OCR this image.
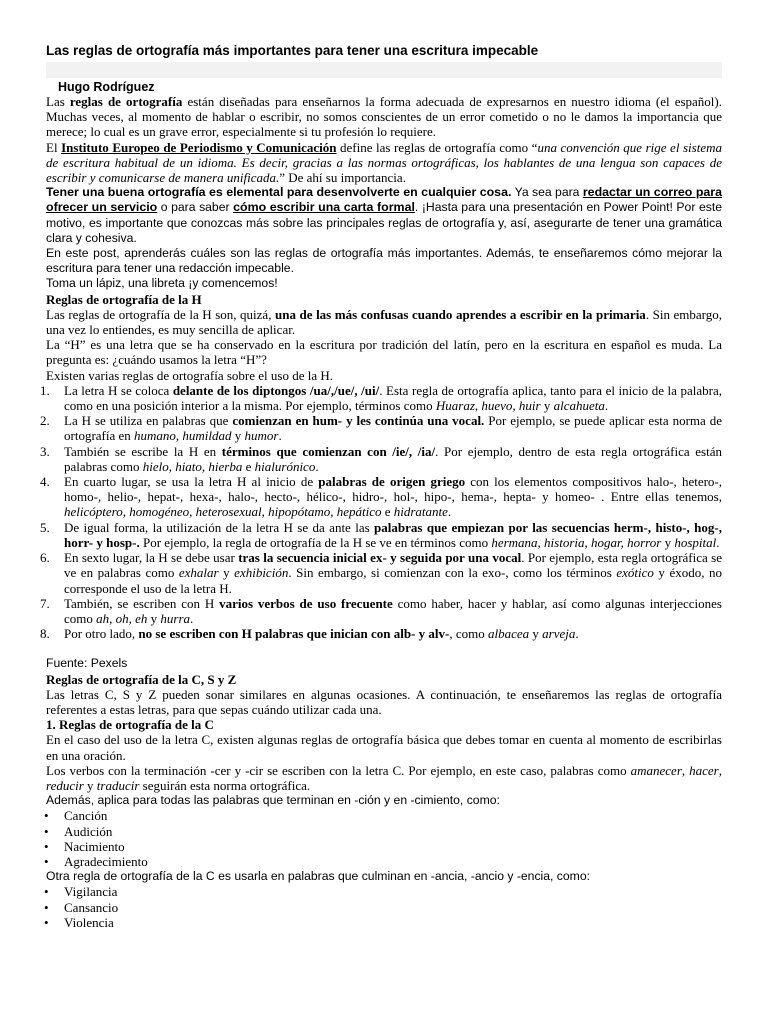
Las reglas de ortografía más importantes para tener una escritura impecable
Hugo Rodríguez

Las reglas de ortografía están diseñadas para enseñarnos la forma adecuada de expresarnos en nuestro idioma (el español). Muchas veces, al momento de hablar o escribir, no somos conscientes de un error cometido o no le damos la importancia que merece; lo cual es un grave error, especialmente si tu profesión lo requiere.

El Instituto Europeo de Periodismo y Comunicación define las reglas de ortografía como “una convención que rige el sistema de escritura habitual de un idioma. Es decir, gracias a las normas ortográficas, los hablantes de una lengua son capaces de escribir y comunicarse de manera unificada.” De ahí su importancia.

Tener una buena ortografía es elemental para desenvolverte en cualquier cosa. Ya sea para redactar un correo para ofrecer un servicio o para saber cómo escribir una carta formal. ¡Hasta para una presentación en Power Point! Por este motivo, es importante que conozcas más sobre las principales reglas de ortografía y, así, asegurarte de tener una gramática clara y cohesiva.

En este post, aprenderás cuáles son las reglas de ortografía más importantes. Además, te enseñaremos cómo mejorar la escritura para tener una redacción impecable.

Toma un lápiz, una libreta ¡y comencemos!

Reglas de ortografía de la H

Las reglas de ortografía de la H son, quizá, una de las más confusas cuando aprendes a escribir en la primaria. Sin embargo, una vez lo entiendes, es muy sencilla de aplicar.

La “H” es una letra que se ha conservado en la escritura por tradición del latín, pero en la escritura en español es muda. La pregunta es: ¿cuándo usamos la letra “H”?

Existen varias reglas de ortografía sobre el uso de la H.

1. La letra H se coloca delante de los diptongos /ua/,/ue/, /ui/. Esta regla de ortografía aplica, tanto para el inicio de la palabra, como en una posición interior a la misma. Por ejemplo, términos como Huaraz, huevo, huir y alcahueta.
2. La H se utiliza en palabras que comienzan en hum- y les continúa una vocal. Por ejemplo, se puede aplicar esta norma de ortografía en humano, humildad y humor.
3. También se escribe la H en términos que comienzan con /ie/, /ia/. Por ejemplo, dentro de esta regla ortográfica están palabras como hielo, hiato, hierba e hialurónico.
4. En cuarto lugar, se usa la letra H al inicio de palabras de origen griego con los elementos compositivos halo-, hetero-, homo-, helio-, hepat-, hexa-, halo-, hecto-, hélico-, hidro-, hol-, hipo-, hema-, hepta- y homeo- . Entre ellas tenemos, helicóptero, homogéneo, heterosexual, hipopótamo, hepático e hidratante.
5. De igual forma, la utilización de la letra H se da ante las palabras que empiezan por las secuencias herm-, histo-, hog-, horr- y hosp-. Por ejemplo, la regla de ortografía de la H se ve en términos como hermana, historia, hogar, horror y hospital.
6. En sexto lugar, la H se debe usar tras la secuencia inicial ex- y seguida por una vocal. Por ejemplo, esta regla ortográfica se ve en palabras como exhalar y exhibición. Sin embargo, si comienzan con la exo-, como los términos exótico y éxodo, no corresponde el uso de la letra H.
7. También, se escriben con H varios verbos de uso frecuente como haber, hacer y hablar, así como algunas interjecciones como ah, oh, eh y hurra.
8. Por otro lado, no se escriben con H palabras que inician con alb- y alv-, como albacea y arveja.

Fuente: Pexels

Reglas de ortografía de la C, S y Z

Las letras C, S y Z pueden sonar similares en algunas ocasiones. A continuación, te enseñaremos las reglas de ortografía referentes a estas letras, para que sepas cuándo utilizar cada una.

1. Reglas de ortografía de la C

En el caso del uso de la letra C, existen algunas reglas de ortografía básica que debes tomar en cuenta al momento de escribirlas en una oración.

Los verbos con la terminación -cer y -cir se escriben con la letra C. Por ejemplo, en este caso, palabras como amanecer, hacer, reducir y traducir seguirán esta norma ortográfica.

Además, aplica para todas las palabras que terminan en -ción y en -cimiento, como:

• Canción
• Audición
• Nacimiento
• Agradecimiento

Otra regla de ortografía de la C es usarla en palabras que culminan en -ancia, -ancio y -encia, como:

• Vigilancia
• Cansancio
• Violencia
